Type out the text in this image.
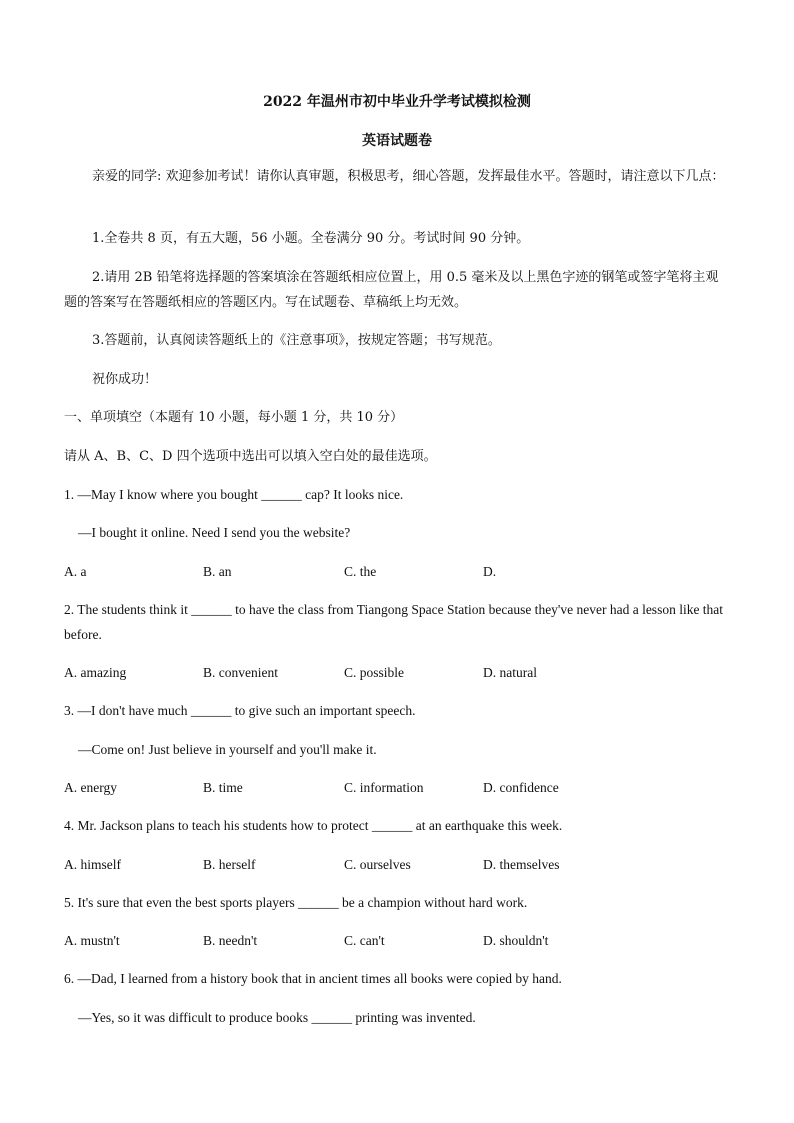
2022 年温州市初中毕业升学考试模拟检测
英语试题卷
亲爱的同学: 欢迎参加考试！请你认真审题，积极思考，细心答题，发挥最佳水平。答题时，请注意以下几点：
1.全卷共 8 页，有五大题，56 小题。全卷满分 90 分。考试时间 90 分钟。
2.请用 2B 铅笔将选择题的答案填涂在答题纸相应位置上，用 0.5 毫米及以上黑色字迹的钢笔或签字笔将主观题的答案写在答题纸相应的答题区内。写在试题卷、草稿纸上均无效。
3.答题前，认真阅读答题纸上的《注意事项》，按规定答题；书写规范。
祝你成功！
一、单项填空（本题有 10 小题，每小题 1 分，共 10 分）
请从 A、B、C、D 四个选项中选出可以填入空白处的最佳选项。
1. —May I know where you bought ______ cap? It looks nice.
—I bought it online. Need I send you the website?
A. a	B. an	C. the	D.
2. The students think it ______ to have the class from Tiangong Space Station because they've never had a lesson like that before.
A. amazing	B. convenient	C. possible	D. natural
3. —I don't have much ______ to give such an important speech.
—Come on! Just believe in yourself and you'll make it.
A. energy	B. time	C. information	D. confidence
4. Mr. Jackson plans to teach his students how to protect ______ at an earthquake this week.
A. himself	B. herself	C. ourselves	D. themselves
5. It's sure that even the best sports players ______ be a champion without hard work.
A. mustn't	B. needn't	C. can't	D. shouldn't
6. —Dad, I learned from a history book that in ancient times all books were copied by hand.
—Yes, so it was difficult to produce books ______ printing was invented.
